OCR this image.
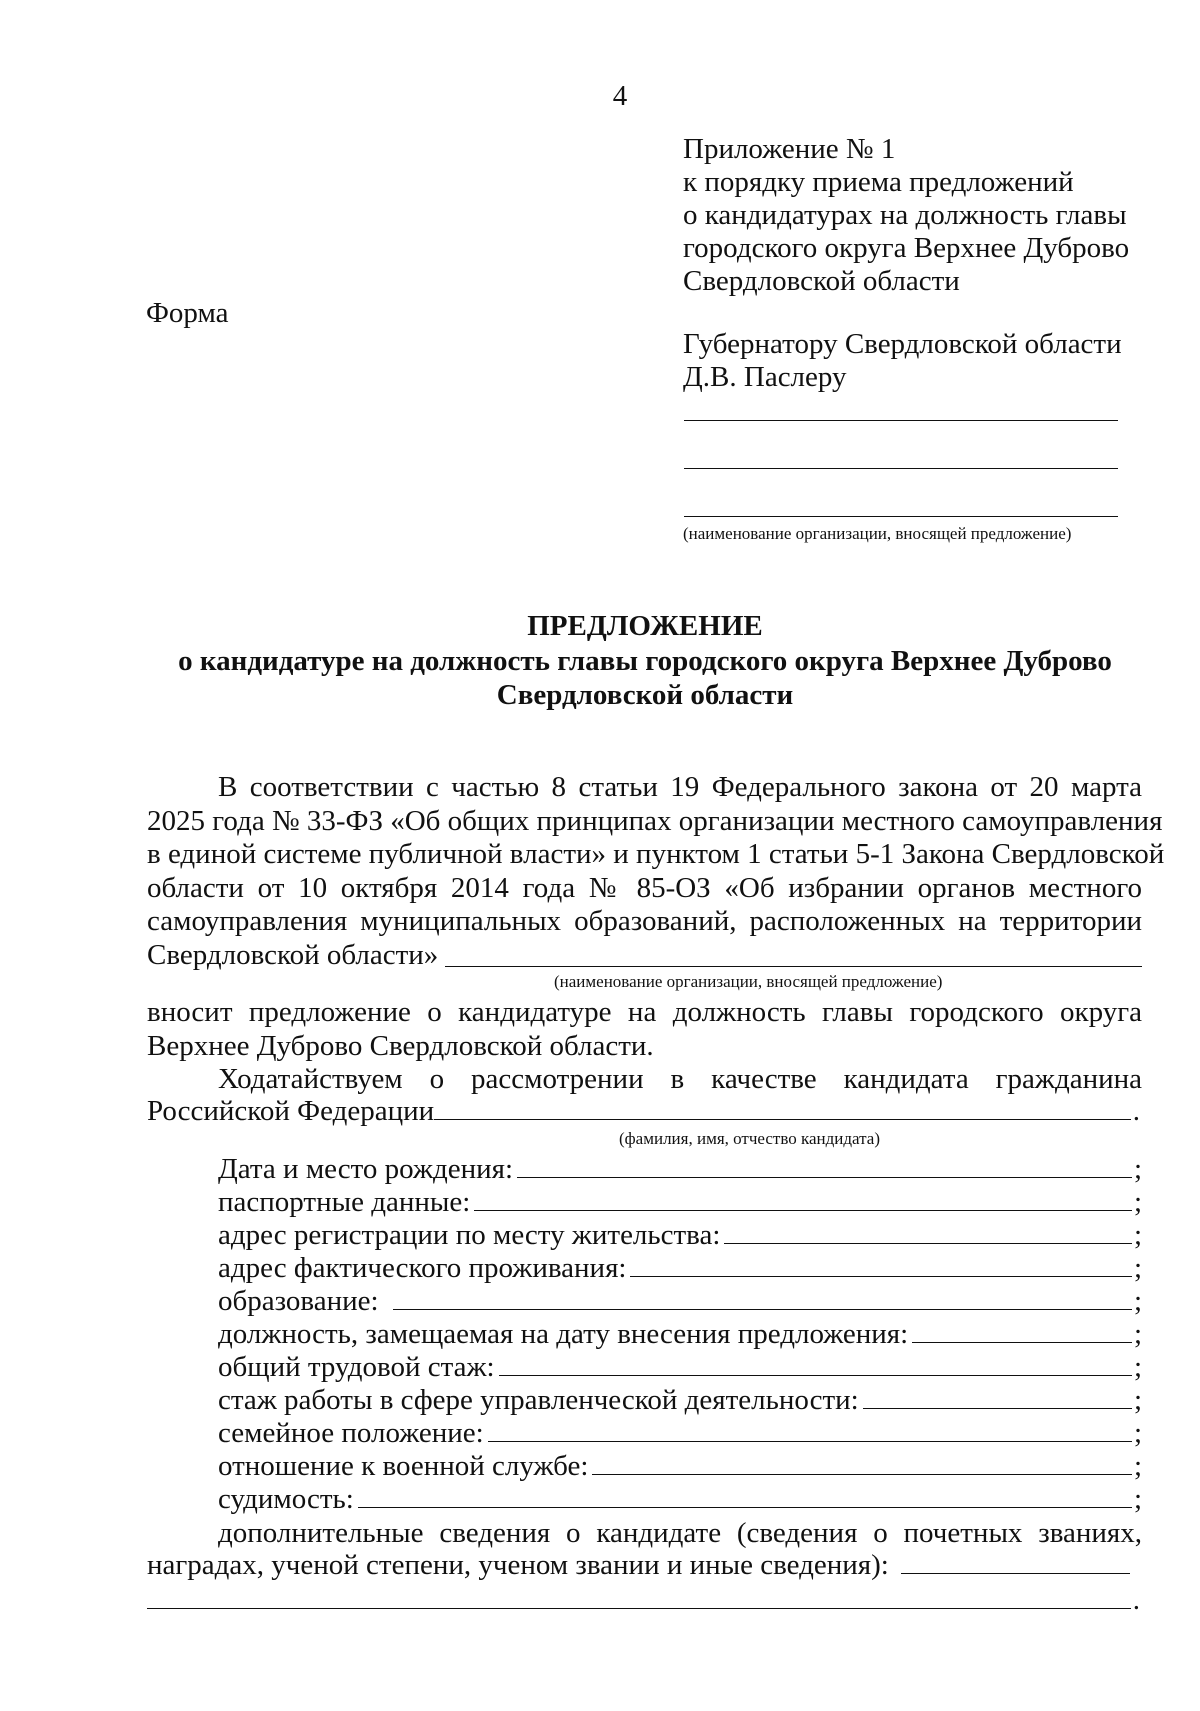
4
Приложение № 1
к порядку приема предложений
о кандидатурах на должность главы
городского округа Верхнее Дуброво
Свердловской области
Форма
Губернатору Свердловской области
Д.В. Паслеру
(наименование организации, вносящей предложение)
ПРЕДЛОЖЕНИЕ
о кандидатуре на должность главы городского округа Верхнее Дуброво
Свердловской области
В соответствии с частью 8 статьи 19 Федерального закона от 20 марта
2025 года № 33-ФЗ «Об общих принципах организации местного самоуправления
в единой системе публичной власти» и пунктом 1 статьи 5-1 Закона Свердловской
области от 10 октября 2014 года № 85-ОЗ «Об избрании органов местного
самоуправления муниципальных образований, расположенных на территории
Свердловской области»
(наименование организации, вносящей предложение)
вносит предложение о кандидатуре на должность главы городского округа
Верхнее Дуброво Свердловской области.
Ходатайствуем о рассмотрении в качестве кандидата гражданина
Российской Федерации	.
(фамилия, имя, отчество кандидата)
Дата и место рождения:	;
паспортные данные:	;
адрес регистрации по месту жительства:	;
адрес фактического проживания:	;
образование:	;
должность, замещаемая на дату внесения предложения:	;
общий трудовой стаж:	;
стаж работы в сфере управленческой деятельности:	;
семейное положение:	;
отношение к военной службе:	;
судимость:	;
дополнительные сведения о кандидате (сведения о почетных званиях,
наградах, ученой степени, ученом звании и иные сведения):
.
